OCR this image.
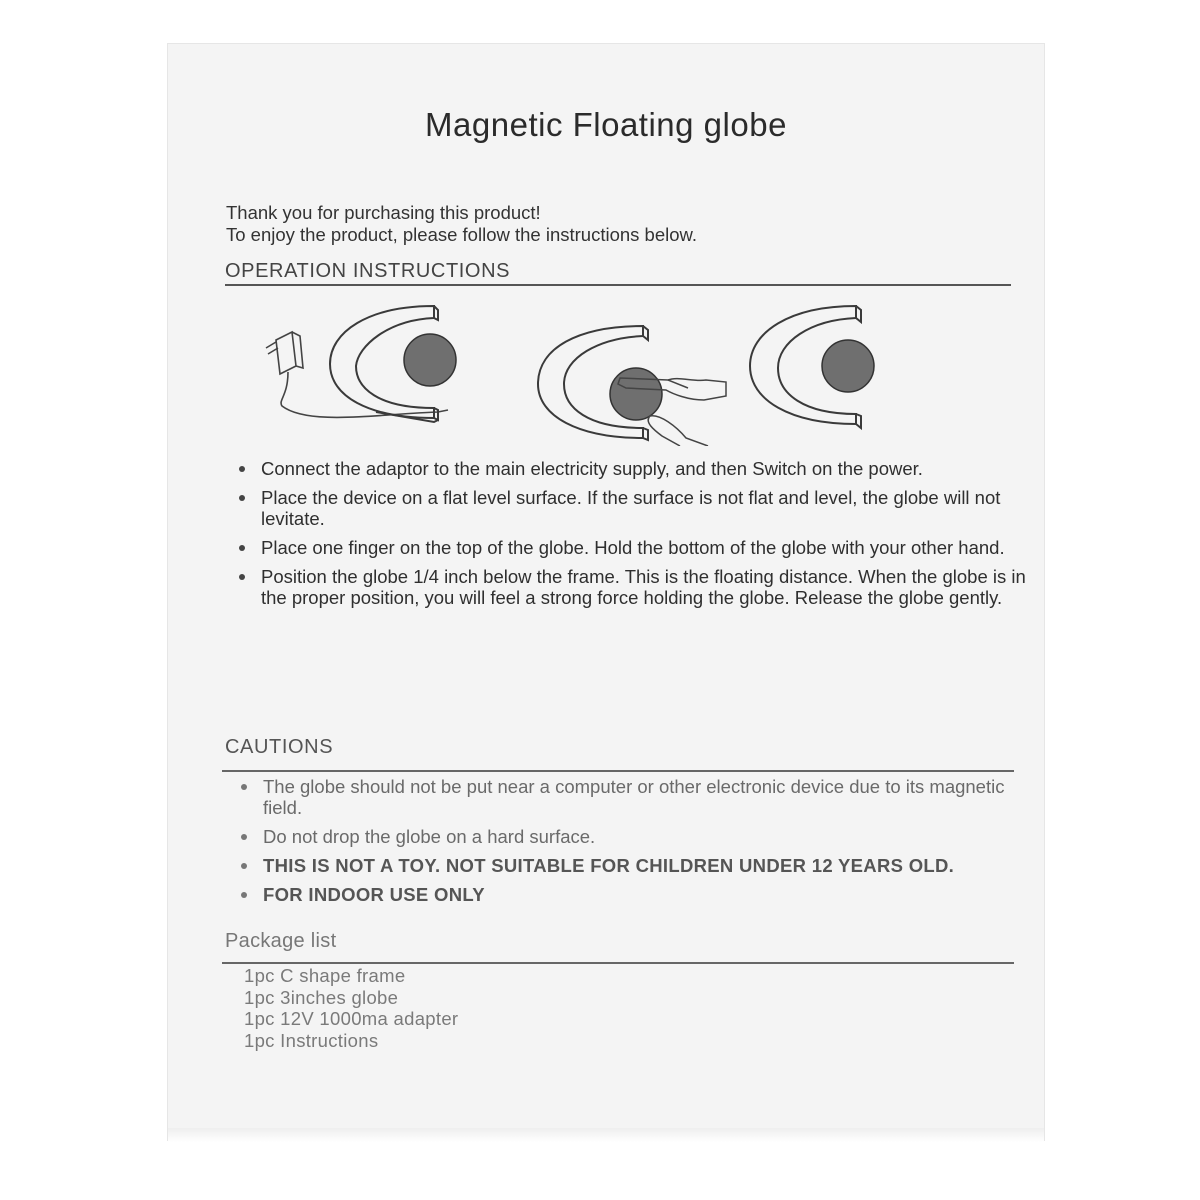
Magnetic Floating globe
Thank you for purchasing this product!
To enjoy the product, please follow the instructions below.
OPERATION INSTRUCTIONS
Connect the adaptor to the main electricity supply, and then Switch on the power.
Place the device on a flat level surface. If the surface is not flat and level, the globe will not levitate.
Place one finger on the top of the globe. Hold the bottom of the globe with your other hand.
Position the globe 1/4 inch below the frame. This is the floating distance. When the globe is in the proper position, you will feel a strong force holding the globe. Release the globe gently.
CAUTIONS
The globe should not be put near a computer or other electronic device due to its magnetic field.
Do not drop the globe on a hard surface.
THIS IS NOT A TOY. NOT SUITABLE FOR CHILDREN UNDER 12 YEARS OLD.
FOR INDOOR USE ONLY
Package list
1pc C shape frame
1pc 3inches globe
1pc 12V 1000ma adapter
1pc Instructions
